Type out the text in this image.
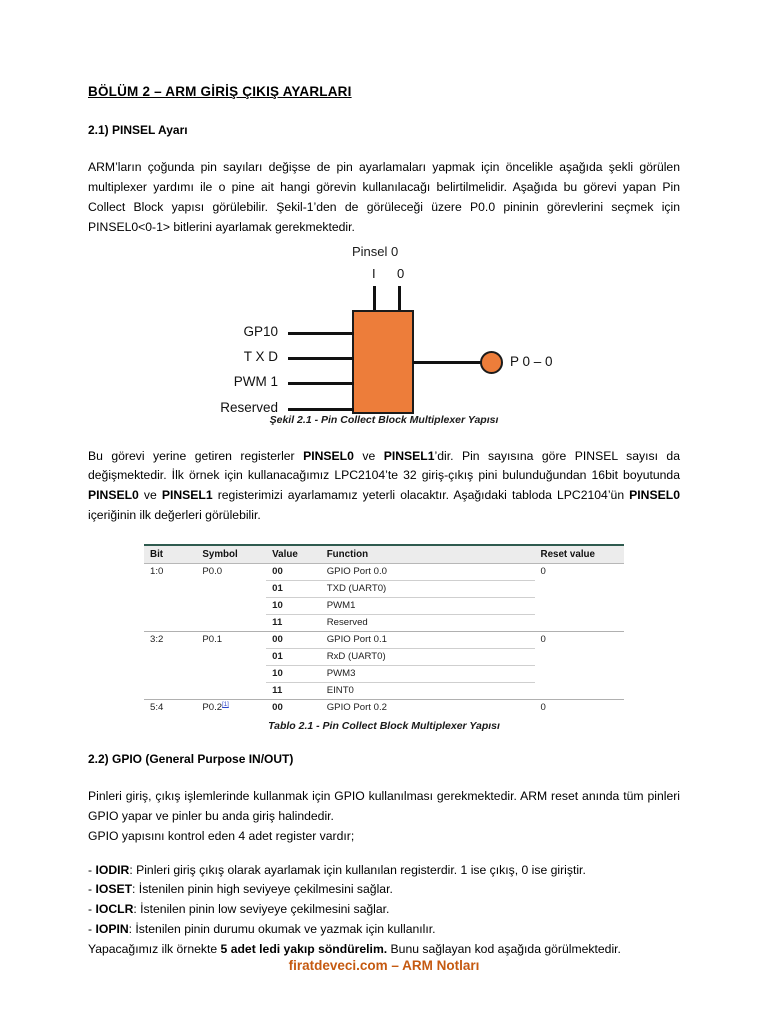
BÖLÜM 2 – ARM GİRİŞ ÇIKIŞ AYARLARI
2.1) PINSEL Ayarı

ARM’ların çoğunda pin sayıları değişse de pin ayarlamaları yapmak için öncelikle aşağıda şekli görülen multiplexer yardımı ile o pine ait hangi görevin kullanılacağı belirtilmelidir. Aşağıda bu görevi yapan Pin Collect Block yapısı görülebilir. Şekil-1’den de görüleceği üzere P0.0 pininin görevlerini seçmek için PINSEL0<0-1> bitlerini ayarlamak gerekmektedir.

Pinsel 0
I 0
GP10
T X D
PWM 1
Reserved
P 0 – 0
Şekil 2.1 - Pin Collect Block Multiplexer Yapısı

Bu görevi yerine getiren registerler PINSEL0 ve PINSEL1’dir. Pin sayısına göre PINSEL sayısı da değişmektedir. İlk örnek için kullanacağımız LPC2104’te 32 giriş-çıkış pini bulunduğundan 16bit boyutunda PINSEL0 ve PINSEL1 registerimizi ayarlamamız yeterli olacaktır. Aşağıdaki tabloda LPC2104’ün PINSEL0 içeriğinin ilk değerleri görülebilir.

Bit	Symbol	Value	Function	Reset value
1:0	P0.0	00	GPIO Port 0.0	0
		01	TXD (UART0)	
		10	PWM1	
		11	Reserved	
3:2	P0.1	00	GPIO Port 0.1	0
		01	RxD (UART0)	
		10	PWM3	
		11	EINT0	
5:4	P0.2[1]	00	GPIO Port 0.2	0
Tablo 2.1 - Pin Collect Block Multiplexer Yapısı
2.2) GPIO (General Purpose IN/OUT)

Pinleri giriş, çıkış işlemlerinde kullanmak için GPIO kullanılması gerekmektedir. ARM reset anında tüm pinleri GPIO yapar ve pinler bu anda giriş halindedir.

GPIO yapısını kontrol eden 4 adet register vardır;

- IODIR: Pinleri giriş çıkış olarak ayarlamak için kullanılan registerdir. 1 ise çıkış, 0 ise giriştir.
- IOSET: İstenilen pinin high seviyeye çekilmesini sağlar.
- IOCLR: İstenilen pinin low seviyeye çekilmesini sağlar.
- IOPIN: İstenilen pinin durumu okumak ve yazmak için kullanılır.

Yapacağımız ilk örnekte 5 adet ledi yakıp söndürelim. Bunu sağlayan kod aşağıda görülmektedir.

firatdeveci.com – ARM Notları
